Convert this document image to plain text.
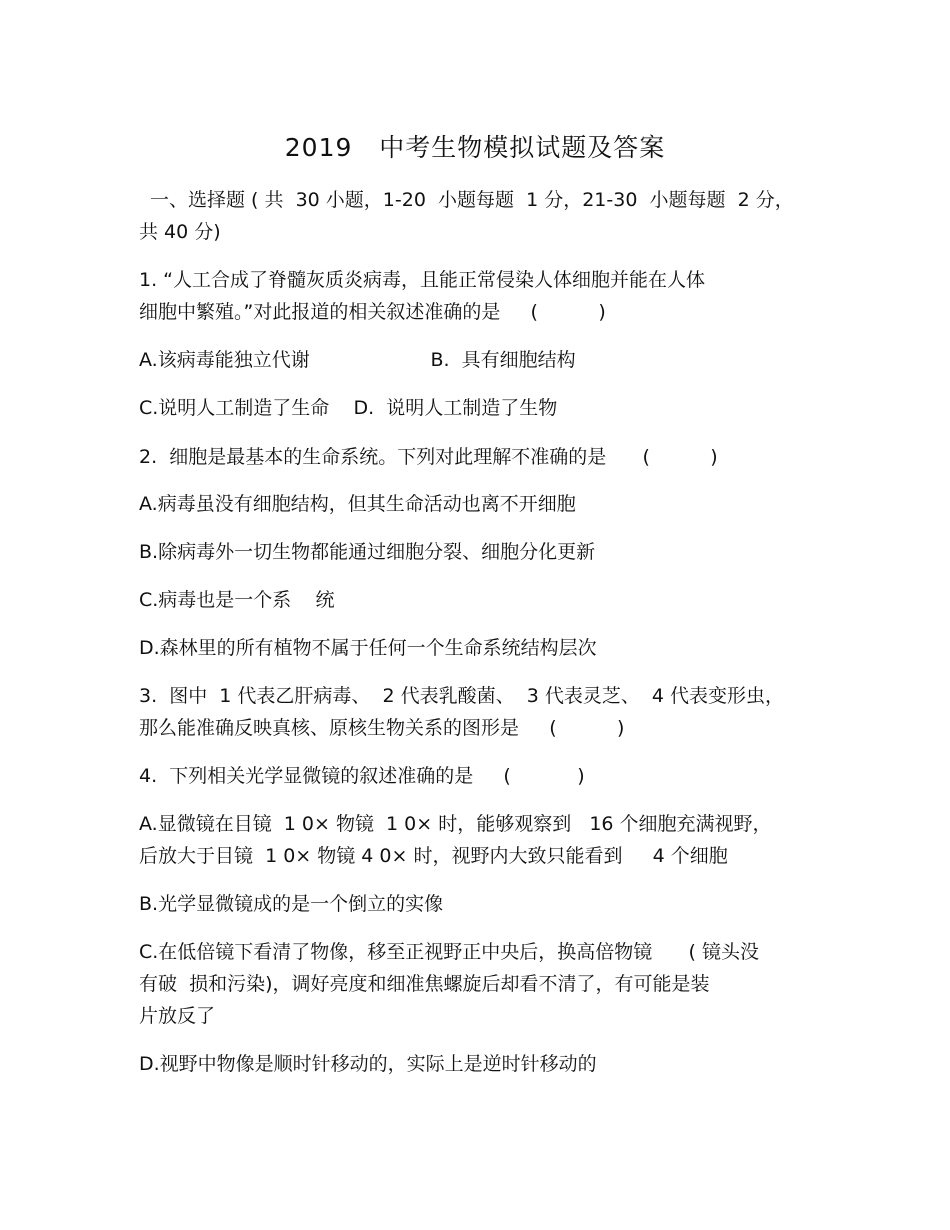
2019   中考生物模拟试题及答案
一、选择题 ( 共  30 小题，1-20  小题每题  1 分，21-30  小题每题  2 分，
共 40 分)
1. “人工合成了脊髓灰质炎病毒，且能正常侵染人体细胞并能在人体
细胞中繁殖。”对此报道的相关叙述准确的是     (          )
A.该病毒能独立代谢                    B.  具有细胞结构
C.说明人工制造了生命    D.  说明人工制造了生物
2.  细胞是最基本的生命系统。下列对此理解不准确的是      (          )
A.病毒虽没有细胞结构，但其生命活动也离不开细胞
B.除病毒外一切生物都能通过细胞分裂、细胞分化更新
C.病毒也是一个系    统
D.森林里的所有植物不属于任何一个生命系统结构层次
3.  图中  1 代表乙肝病毒、  2 代表乳酸菌、  3 代表灵芝、  4 代表变形虫，
那么能准确反映真核、原核生物关系的图形是     (          )
4.  下列相关光学显微镜的叙述准确的是     (           )
A.显微镜在目镜  1 0× 物镜  1 0× 时，能够观察到   16 个细胞充满视野，
后放大于目镜  1 0× 物镜 4 0× 时，视野内大致只能看到     4 个细胞
B.光学显微镜成的是一个倒立的实像
C.在低倍镜下看清了物像，移至正视野正中央后，换高倍物镜      ( 镜头没
有破  损和污染)，调好亮度和细准焦螺旋后却看不清了，有可能是装
片放反了
D.视野中物像是顺时针移动的，实际上是逆时针移动的
